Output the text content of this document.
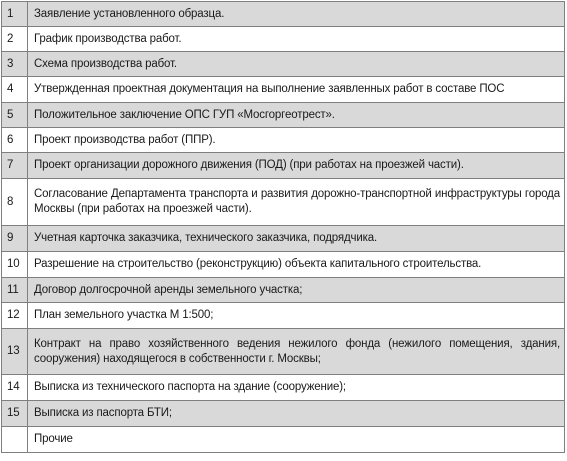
1	Заявление установленного образца.
2	График производства работ.
3	Схема производства работ.
4	Утвержденная проектная документация на выполнение заявленных работ в составе ПОС
5	Положительное заключение ОПС ГУП «Мосгоргеотрест».
6	Проект производства работ (ППР).
7	Проект организации дорожного движения (ПОД) (при работах на проезжей части).
8	Согласование Департамента транспорта и развития дорожно-транспортной инфраструктуры города Москвы (при работах на проезжей части).
9	Учетная карточка заказчика, технического заказчика, подрядчика.
10	Разрешение на строительство (реконструкцию) объекта капитального строительства.
11	Договор долгосрочной аренды земельного участка;
12	План земельного участка М 1:500;
13	Контракт на право хозяйственного ведения нежилого фонда (нежилого помещения, здания, сооружения) находящегося в собственности г. Москвы;
14	Выписка из технического паспорта на здание (сооружение);
15	Выписка из паспорта БТИ;
	Прочие
